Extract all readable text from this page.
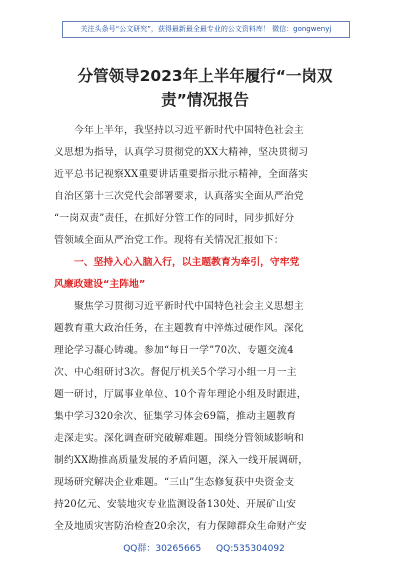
关注头条号“公文研究”，获得最新最全最专业的公文资料库！ 微信：gongwenyj
分管领导2023年上半年履行“一岗双
责”情况报告
今年上半年，我坚持以习近平新时代中国特色社会主
义思想为指导，认真学习贯彻党的XX大精神，坚决贯彻习
近平总书记视察XX重要讲话重要指示批示精神，全面落实
自治区第十三次党代会部署要求，认真落实全面从严治党
“一岗双责”责任，在抓好分管工作的同时，同步抓好分
管领域全面从严治党工作。现将有关情况汇报如下：
一、坚持入心入脑入行，以主题教育为牵引，守牢党
风廉政建设“主阵地”
聚焦学习贯彻习近平新时代中国特色社会主义思想主
题教育重大政治任务，在主题教育中淬炼过硬作风。深化
理论学习凝心铸魂。参加“每日一学”70次、专题交流4
次、中心组研讨3次。督促厅机关5个学习小组一月一主
题一研讨，厅属事业单位、10个青年理论小组及时跟进，
集中学习320余次、征集学习体会69篇，推动主题教育
走深走实。深化调查研究破解难题。围绕分管领域影响和
制约XX勘推高质量发展的矛盾问题，深入一线开展调研，
现场研究解决企业难题。“三山”生态修复获中央资金支
持20亿元、安装地灾专业监测设备130处、开展矿山安
全及地质灾害防治检查20余次，有力保障群众生命财产安
QQ群：30265665 QQ:535304092
